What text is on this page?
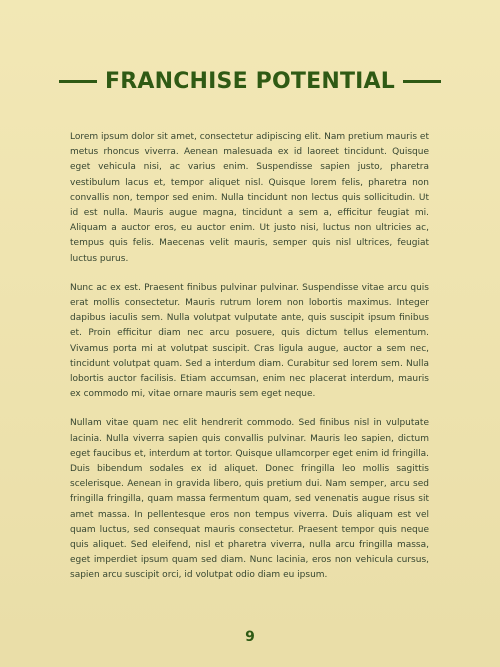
FRANCHISE POTENTIAL

Lorem ipsum dolor sit amet, consectetur adipiscing elit. Nam pretium mauris et metus rhoncus viverra. Aenean malesuada ex id laoreet tincidunt. Quisque eget vehicula nisi, ac varius enim. Suspendisse sapien justo, pharetra vestibulum lacus et, tempor aliquet nisl. Quisque lorem felis, pharetra non convallis non, tempor sed enim. Nulla tincidunt non lectus quis sollicitudin. Ut id est nulla. Mauris augue magna, tincidunt a sem a, efficitur feugiat mi. Aliquam a auctor eros, eu auctor enim. Ut justo nisi, luctus non ultricies ac, tempus quis felis. Maecenas velit mauris, semper quis nisl ultrices, feugiat luctus purus.

Nunc ac ex est. Praesent finibus pulvinar pulvinar. Suspendisse vitae arcu quis erat mollis consectetur. Mauris rutrum lorem non lobortis maximus. Integer dapibus iaculis sem. Nulla volutpat vulputate ante, quis suscipit ipsum finibus et. Proin efficitur diam nec arcu posuere, quis dictum tellus elementum. Vivamus porta mi at volutpat suscipit. Cras ligula augue, auctor a sem nec, tincidunt volutpat quam. Sed a interdum diam. Curabitur sed lorem sem. Nulla lobortis auctor facilisis. Etiam accumsan, enim nec placerat interdum, mauris ex commodo mi, vitae ornare mauris sem eget neque.

Nullam vitae quam nec elit hendrerit commodo. Sed finibus nisl in vulputate lacinia. Nulla viverra sapien quis convallis pulvinar. Mauris leo sapien, dictum eget faucibus et, interdum at tortor. Quisque ullamcorper eget enim id fringilla. Duis bibendum sodales ex id aliquet. Donec fringilla leo mollis sagittis scelerisque. Aenean in gravida libero, quis pretium dui. Nam semper, arcu sed fringilla fringilla, quam massa fermentum quam, sed venenatis augue risus sit amet massa. In pellentesque eros non tempus viverra. Duis aliquam est vel quam luctus, sed consequat mauris consectetur. Praesent tempor quis neque quis aliquet. Sed eleifend, nisl et pharetra viverra, nulla arcu fringilla massa, eget imperdiet ipsum quam sed diam. Nunc lacinia, eros non vehicula cursus, sapien arcu suscipit orci, id volutpat odio diam eu ipsum.

9
